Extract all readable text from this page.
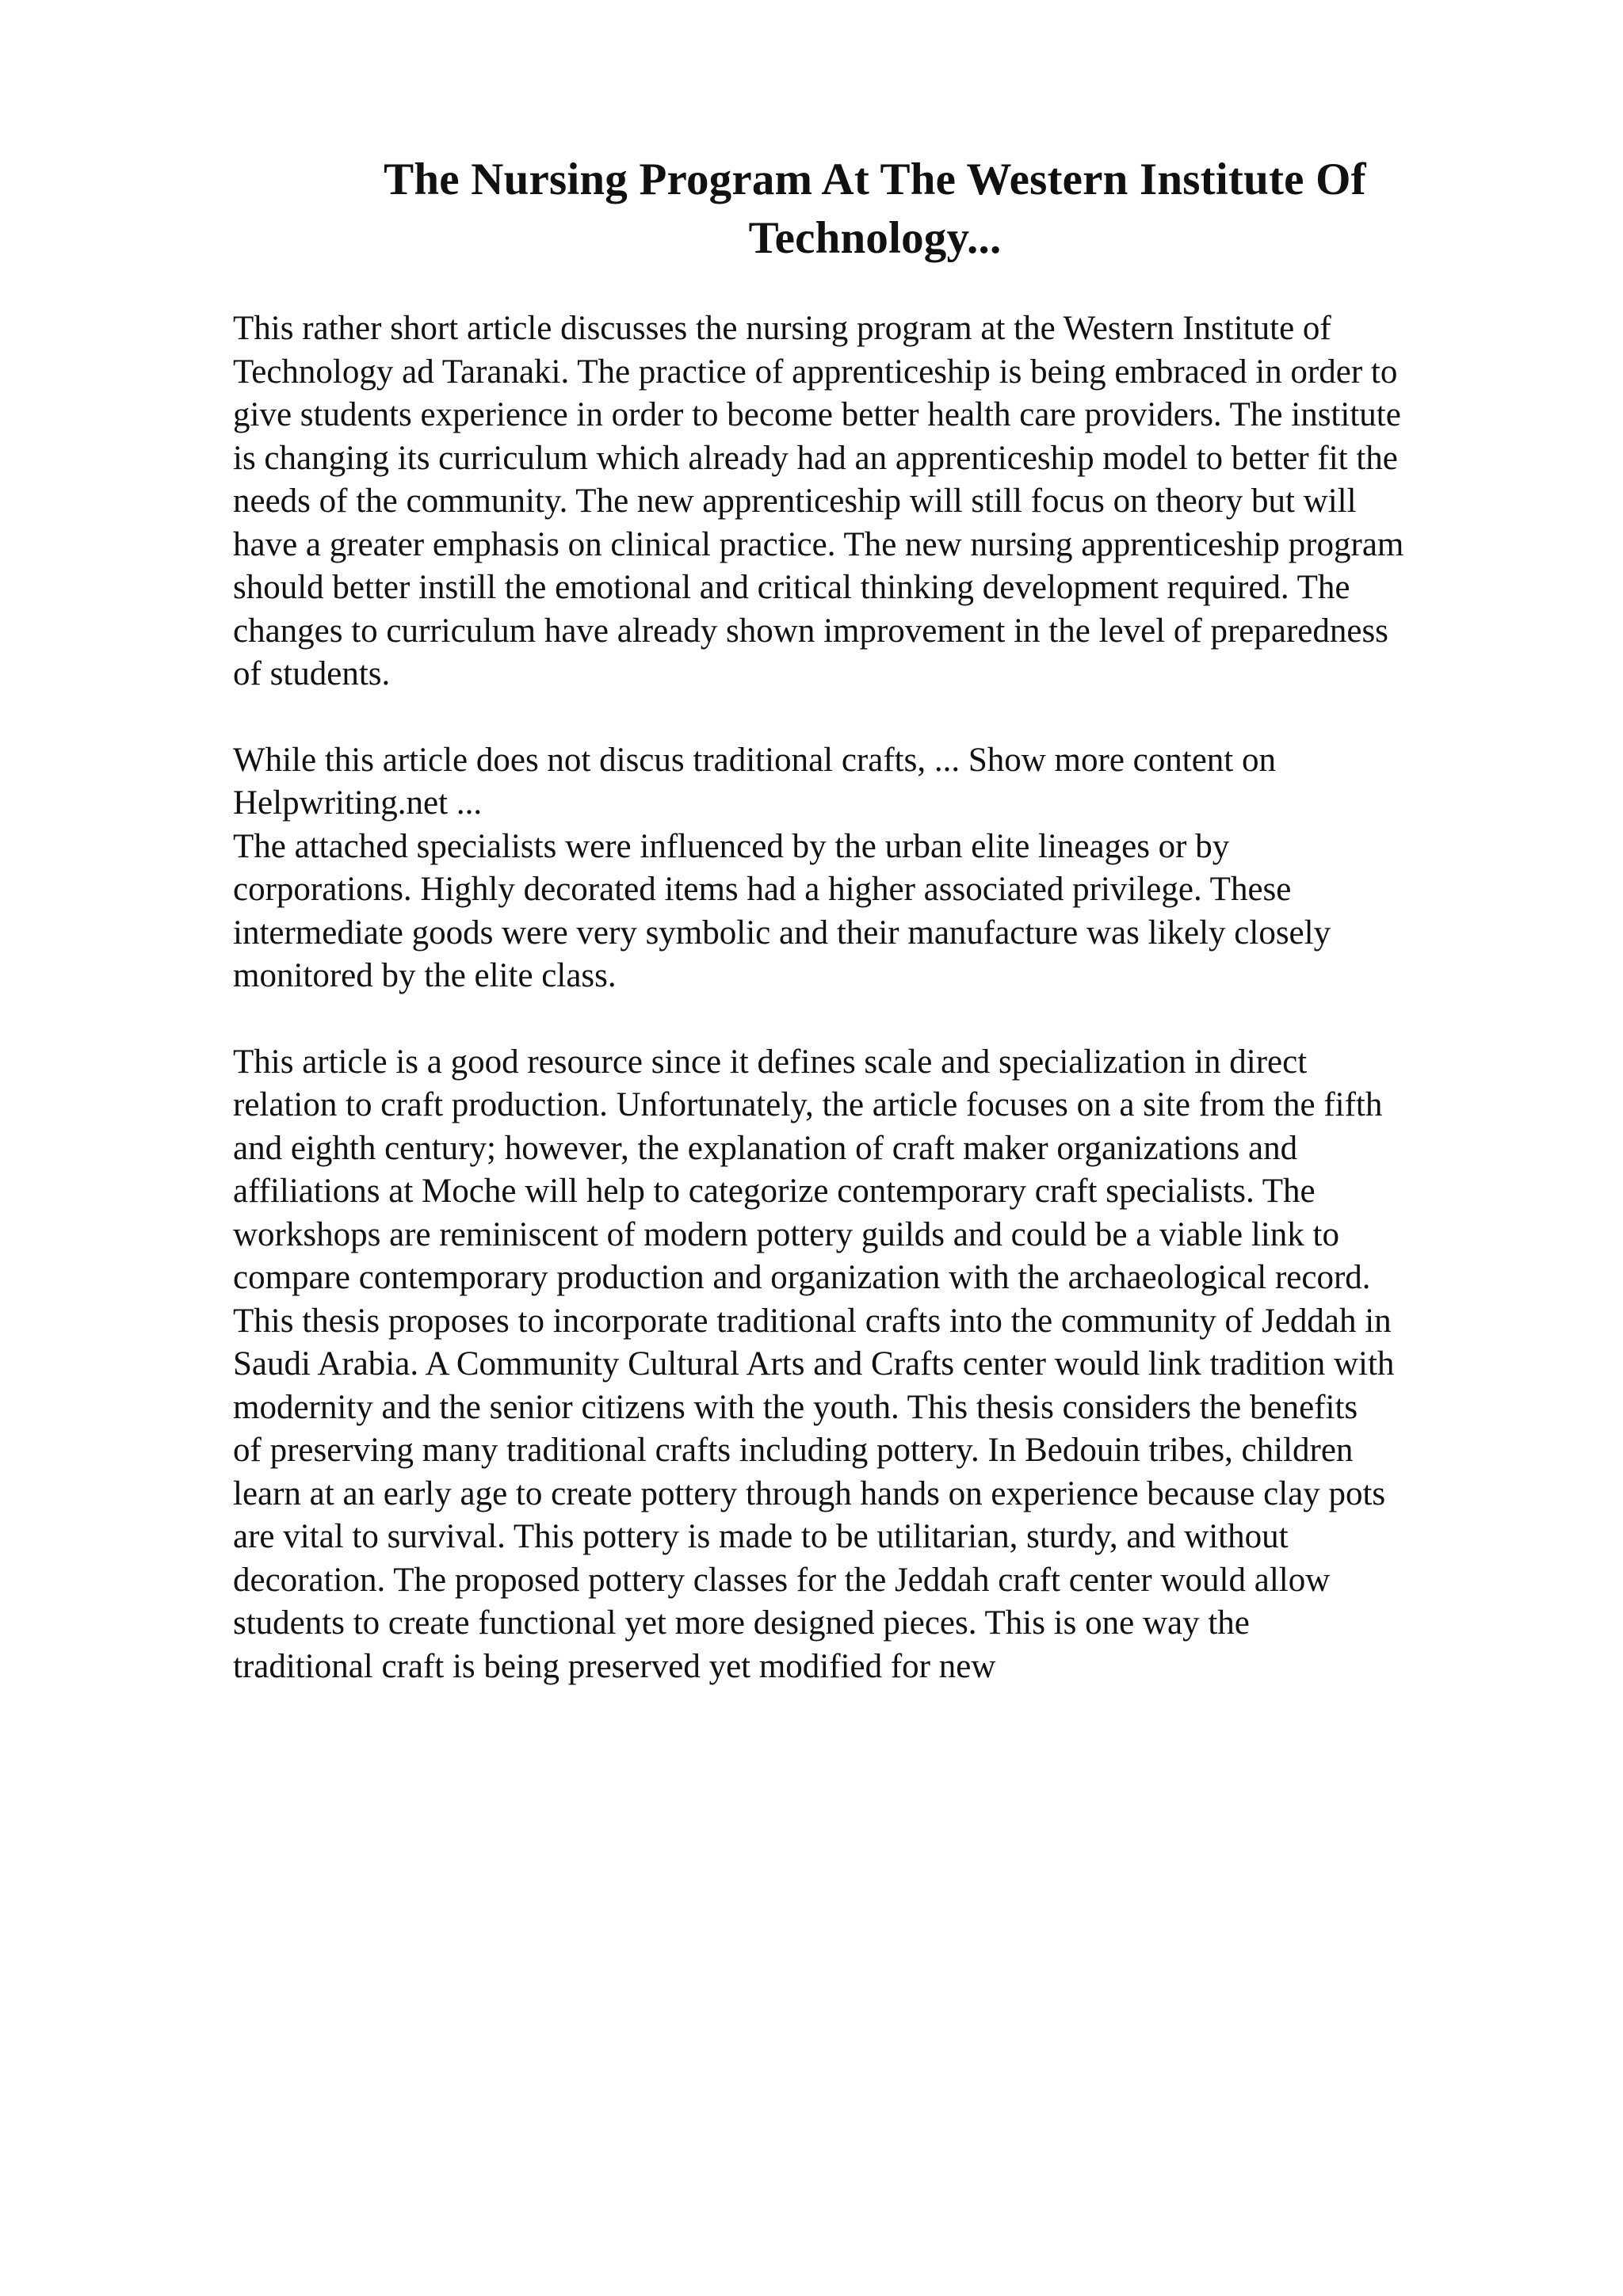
The Nursing Program At The Western Institute Of
Technology...

This rather short article discusses the nursing program at the Western Institute of
Technology ad Taranaki. The practice of apprenticeship is being embraced in order to
give students experience in order to become better health care providers. The institute
is changing its curriculum which already had an apprenticeship model to better fit the
needs of the community. The new apprenticeship will still focus on theory but will
have a greater emphasis on clinical practice. The new nursing apprenticeship program
should better instill the emotional and critical thinking development required. The
changes to curriculum have already shown improvement in the level of preparedness
of students.

While this article does not discus traditional crafts, ... Show more content on
Helpwriting.net ...
The attached specialists were influenced by the urban elite lineages or by
corporations. Highly decorated items had a higher associated privilege. These
intermediate goods were very symbolic and their manufacture was likely closely
monitored by the elite class.

This article is a good resource since it defines scale and specialization in direct
relation to craft production. Unfortunately, the article focuses on a site from the fifth
and eighth century; however, the explanation of craft maker organizations and
affiliations at Moche will help to categorize contemporary craft specialists. The
workshops are reminiscent of modern pottery guilds and could be a viable link to
compare contemporary production and organization with the archaeological record.
This thesis proposes to incorporate traditional crafts into the community of Jeddah in
Saudi Arabia. A Community Cultural Arts and Crafts center would link tradition with
modernity and the senior citizens with the youth. This thesis considers the benefits
of preserving many traditional crafts including pottery. In Bedouin tribes, children
learn at an early age to create pottery through hands on experience because clay pots
are vital to survival. This pottery is made to be utilitarian, sturdy, and without
decoration. The proposed pottery classes for the Jeddah craft center would allow
students to create functional yet more designed pieces. This is one way the
traditional craft is being preserved yet modified for new
